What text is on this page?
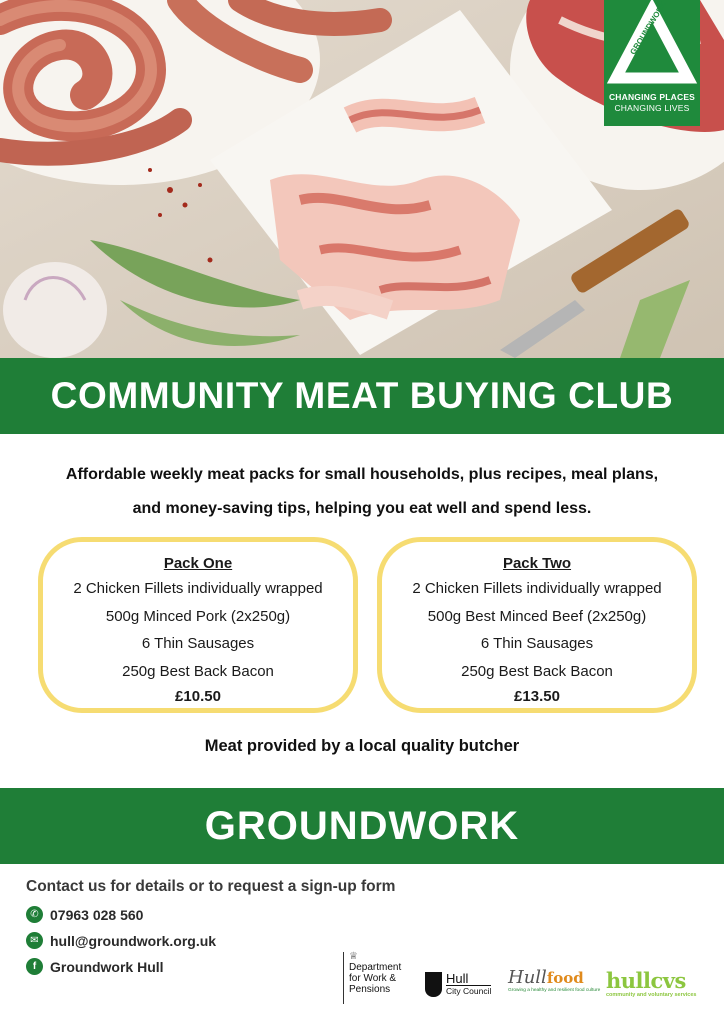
GROUNDWORK
CHANGING PLACES
CHANGING LIVES
COMMUNITY MEAT BUYING CLUB
Affordable weekly meat packs for small households, plus recipes, meal plans,
and money-saving tips, helping you eat well and spend less.
Pack One
2 Chicken Fillets individually wrapped
500g Minced Pork (2x250g)
6 Thin Sausages
250g Best Back Bacon
£10.50
Pack Two
2 Chicken Fillets individually wrapped
500g Best Minced Beef (2x250g)
6 Thin Sausages
250g Best Back Bacon
£13.50
Meat provided by a local quality butcher
GROUNDWORK
Contact us for details or to request a sign-up form
✆ 07963 028 560
✉ hull@groundwork.org.uk
f Groundwork Hull
♕
Department
for Work &
Pensions
Hull
City Council
Hullfood
Growing a healthy and resilient food culture hullcvs
community and voluntary services
